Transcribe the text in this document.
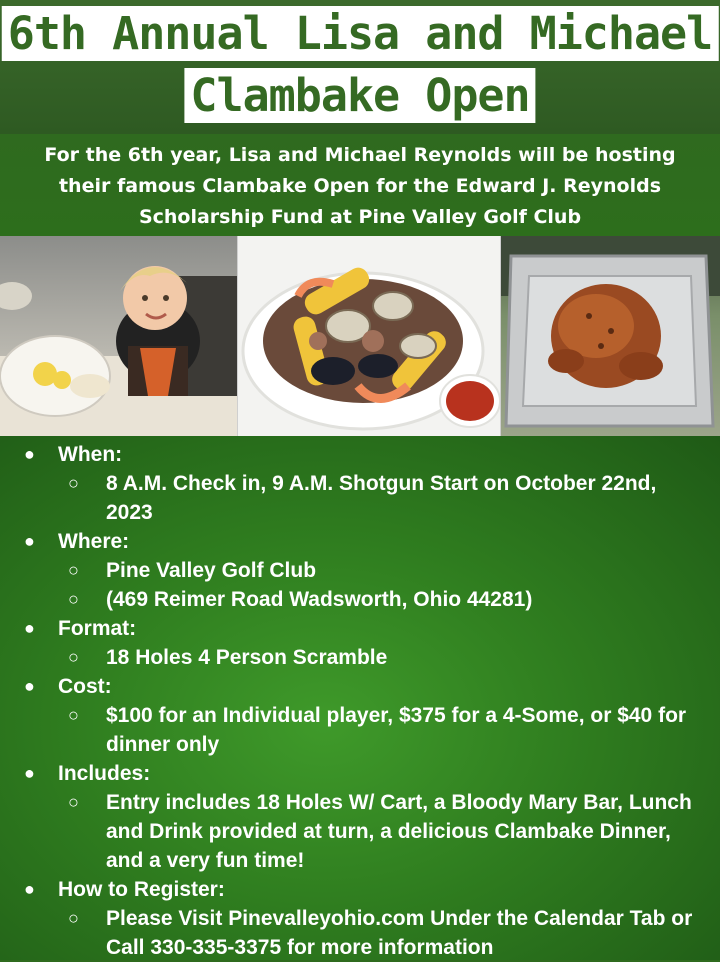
6th Annual Lisa and Michael
Clambake Open
For the 6th year, Lisa and Michael Reynolds will be hosting their famous Clambake Open for the Edward J. Reynolds Scholarship Fund at Pine Valley Golf Club
● When:
○ 8 A.M. Check in, 9 A.M. Shotgun Start on October 22nd, 2023
● Where:
○ Pine Valley Golf Club
○ (469 Reimer Road Wadsworth, Ohio 44281)
● Format:
○ 18 Holes 4 Person Scramble
● Cost:
○ $100 for an Individual player, $375 for a 4-Some, or $40 for dinner only
● Includes:
○ Entry includes 18 Holes W/ Cart, a Bloody Mary Bar, Lunch and Drink provided at turn, a delicious Clambake Dinner, and a very fun time!
● How to Register:
○ Please Visit Pinevalleyohio.com Under the Calendar Tab or Call 330-335-3375 for more information
